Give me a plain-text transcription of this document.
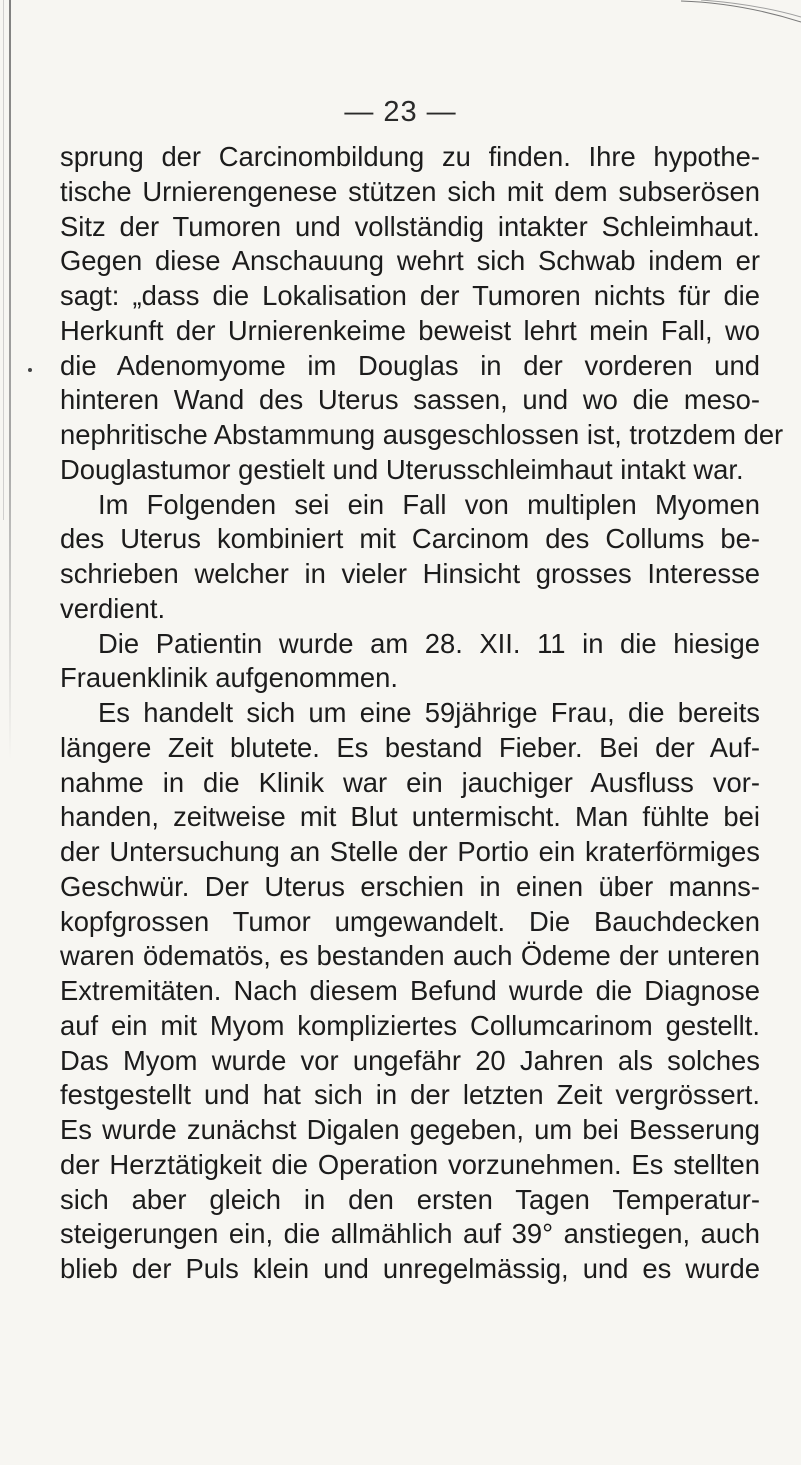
— 23 —
sprung der Carcinombildung zu finden. Ihre hypothe-
tische Urnierengenese stützen sich mit dem subserösen
Sitz der Tumoren und vollständig intakter Schleimhaut.
Gegen diese Anschauung wehrt sich Schwab indem er
sagt: „dass die Lokalisation der Tumoren nichts für die
Herkunft der Urnierenkeime beweist lehrt mein Fall, wo
die Adenomyome im Douglas in der vorderen und
hinteren Wand des Uterus sassen, und wo die meso-
nephritische Abstammung ausgeschlossen ist, trotzdem der
Douglastumor gestielt und Uterusschleimhaut intakt war.
Im Folgenden sei ein Fall von multiplen Myomen
des Uterus kombiniert mit Carcinom des Collums be-
schrieben welcher in vieler Hinsicht grosses Interesse
verdient.
Die Patientin wurde am 28. XII. 11 in die hiesige
Frauenklinik aufgenommen.
Es handelt sich um eine 59jährige Frau, die bereits
längere Zeit blutete. Es bestand Fieber. Bei der Auf-
nahme in die Klinik war ein jauchiger Ausfluss vor-
handen, zeitweise mit Blut untermischt. Man fühlte bei
der Untersuchung an Stelle der Portio ein kraterförmiges
Geschwür. Der Uterus erschien in einen über manns-
kopfgrossen Tumor umgewandelt. Die Bauchdecken
waren ödematös, es bestanden auch Ödeme der unteren
Extremitäten. Nach diesem Befund wurde die Diagnose
auf ein mit Myom kompliziertes Collumcarinom gestellt.
Das Myom wurde vor ungefähr 20 Jahren als solches
festgestellt und hat sich in der letzten Zeit vergrössert.
Es wurde zunächst Digalen gegeben, um bei Besserung
der Herztätigkeit die Operation vorzunehmen. Es stellten
sich aber gleich in den ersten Tagen Temperatur-
steigerungen ein, die allmählich auf 39° anstiegen, auch
blieb der Puls klein und unregelmässig, und es wurde
